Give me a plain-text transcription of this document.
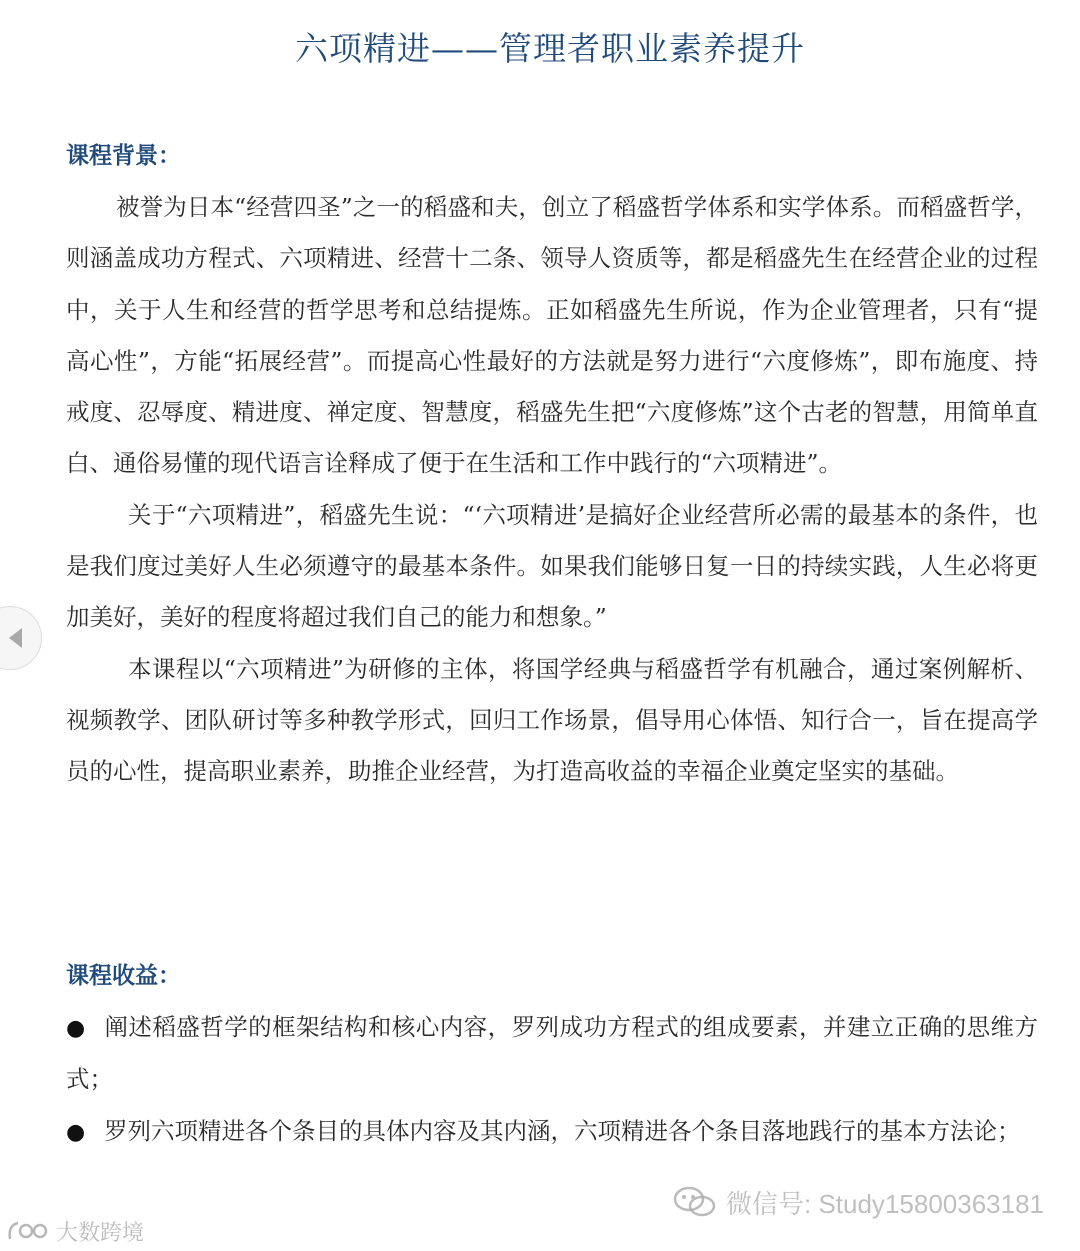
六项精进——管理者职业素养提升
课程背景：

被誉为日本“经营四圣”之一的稻盛和夫，创立了稻盛哲学体系和实学体系。而稻盛哲学，则涵盖成功方程式、六项精进、经营十二条、领导人资质等，都是稻盛先生在经营企业的过程中，关于人生和经营的哲学思考和总结提炼。正如稻盛先生所说，作为企业管理者，只有“提高心性”，方能“拓展经营”。而提高心性最好的方法就是努力进行“六度修炼”，即布施度、持戒度、忍辱度、精进度、禅定度、智慧度，稻盛先生把“六度修炼”这个古老的智慧，用简单直白、通俗易懂的现代语言诠释成了便于在生活和工作中践行的“六项精进”。

关于“六项精进”，稻盛先生说：“‘六项精进’是搞好企业经营所必需的最基本的条件，也是我们度过美好人生必须遵守的最基本条件。如果我们能够日复一日的持续实践，人生必将更加美好，美好的程度将超过我们自己的能力和想象。”

本课程以“六项精进”为研修的主体，将国学经典与稻盛哲学有机融合，通过案例解析、视频教学、团队研讨等多种教学形式，回归工作场景，倡导用心体悟、知行合一，旨在提高学员的心性，提高职业素养，助推企业经营，为打造高收益的幸福企业奠定坚实的基础。

课程收益：

● 阐述稻盛哲学的框架结构和核心内容，罗列成功方程式的组成要素，并建立正确的思维方式；

● 罗列六项精进各个条目的具体内容及其内涵，六项精进各个条目落地践行的基本方法论；

微信号: Study15800363181
大数跨境
